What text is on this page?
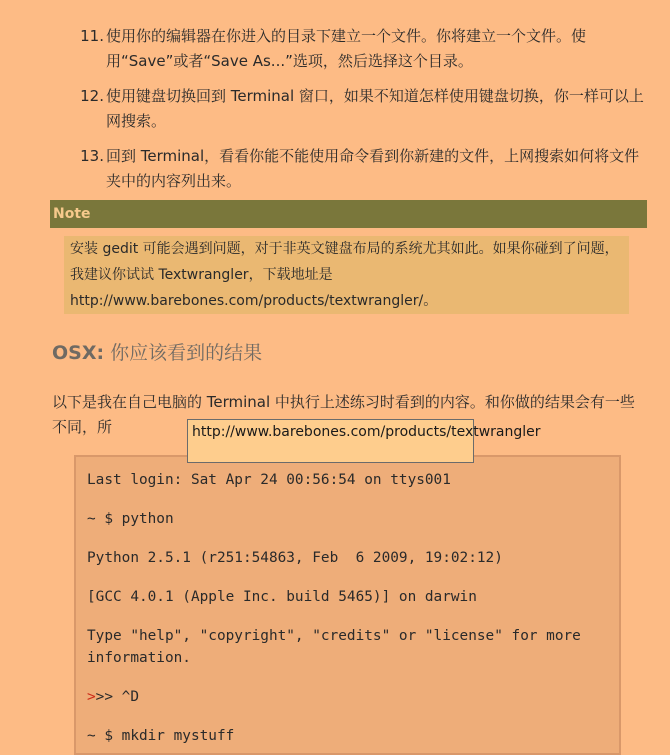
11. 使用你的编辑器在你进入的目录下建立一个文件。你将建立一个文件。使用“Save”或者“Save As...”选项，然后选择这个目录。
12. 使用键盘切换回到 Terminal 窗口，如果不知道怎样使用键盘切换，你一样可以上网搜索。
13. 回到 Terminal，看看你能不能使用命令看到你新建的文件，上网搜索如何将文件夹中的内容列出来。
Note
安装 gedit 可能会遇到问题，对于非英文键盘布局的系统尤其如此。如果你碰到了问题，我建议你试试 Textwrangler，下载地址是 http://www.barebones.com/products/textwrangler/。
OSX: 你应该看到的结果
以下是我在自己电脑的 Terminal 中执行上述练习时看到的内容。和你做的结果会有一些不同，所
Last login: Sat Apr 24 00:56:54 on ttys001
~ $ python
Python 2.5.1 (r251:54863, Feb  6 2009, 19:02:12)
[GCC 4.0.1 (Apple Inc. build 5465)] on darwin
Type "help", "copyright", "credits" or "license" for more information.
>>> ^D
~ $ mkdir mystuff
http://www.barebones.com/products/textwrangler
